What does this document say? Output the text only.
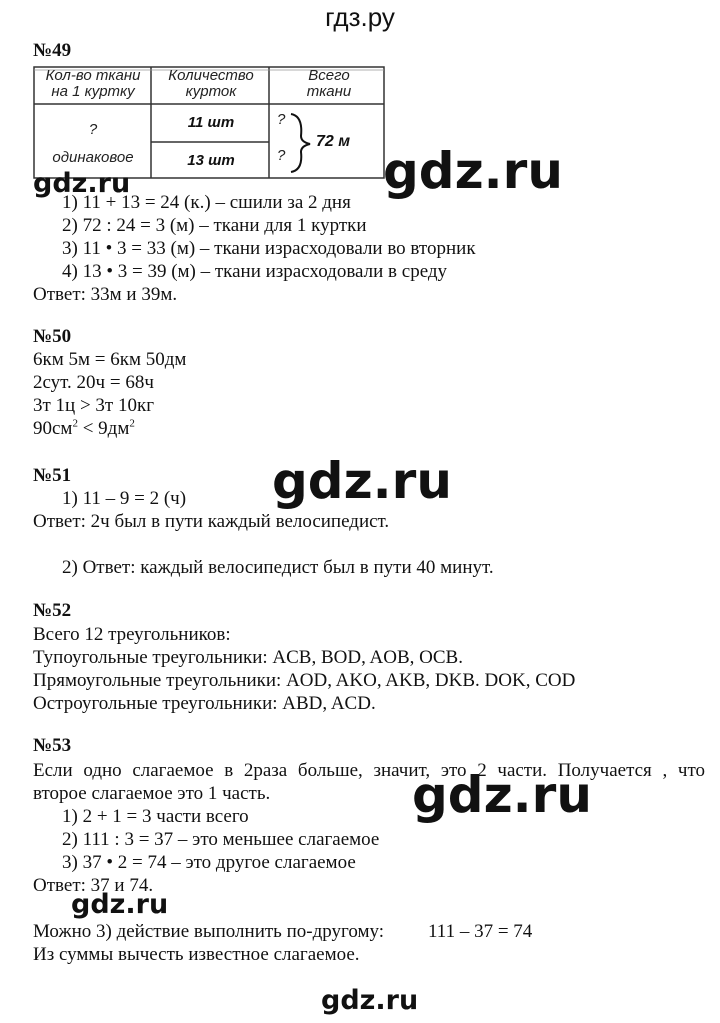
гдз.ру
№49
Кол-во ткани
на 1 куртку
Количество
курток
Всего
ткани
?
одинаковое
11 шт
13 шт
?
?
72 м
gdz.ru
gdz.ru
1) 11 + 13 = 24 (к.) – сшили за 2 дня
2) 72 : 24 = 3 (м) – ткани для 1 куртки
3) 11 • 3 = 33 (м) – ткани израсходовали во вторник
4) 13 • 3 = 39 (м) – ткани израсходовали в среду
Ответ: 33м и 39м.
№50
6км 5м = 6км 50дм
2сут. 20ч = 68ч
3т 1ц > 3т 10кг
$90см^2 < 9дм^2$
№51	gdz.ru
1) 11 – 9 = 2 (ч)
Ответ: 2ч был в пути каждый велосипедист.
2) Ответ: каждый велосипедист был в пути 40 минут.
№52
Всего 12 треугольников:
Тупоугольные треугольники: ACB, BOD, AOB, OCB.
Прямоугольные треугольники: AOD, AKO, AKB, DKB. DOK, COD
Остроугольные треугольники: ABD, ACD.
№53
Если одно слагаемое в 2раза больше, значит, это 2 части. Получается , что
второе слагаемое это 1 часть.	gdz.ru
1) 2 + 1 = 3 части всего
2) 111 : 3 = 37 – это меньшее слагаемое
3) 37 • 2 = 74 – это другое слагаемое
Ответ: 37 и 74.
gdz.ru
Можно 3) действие выполнить по-другому: 111 – 37 = 74
Из суммы вычесть известное слагаемое.
gdz.ru
